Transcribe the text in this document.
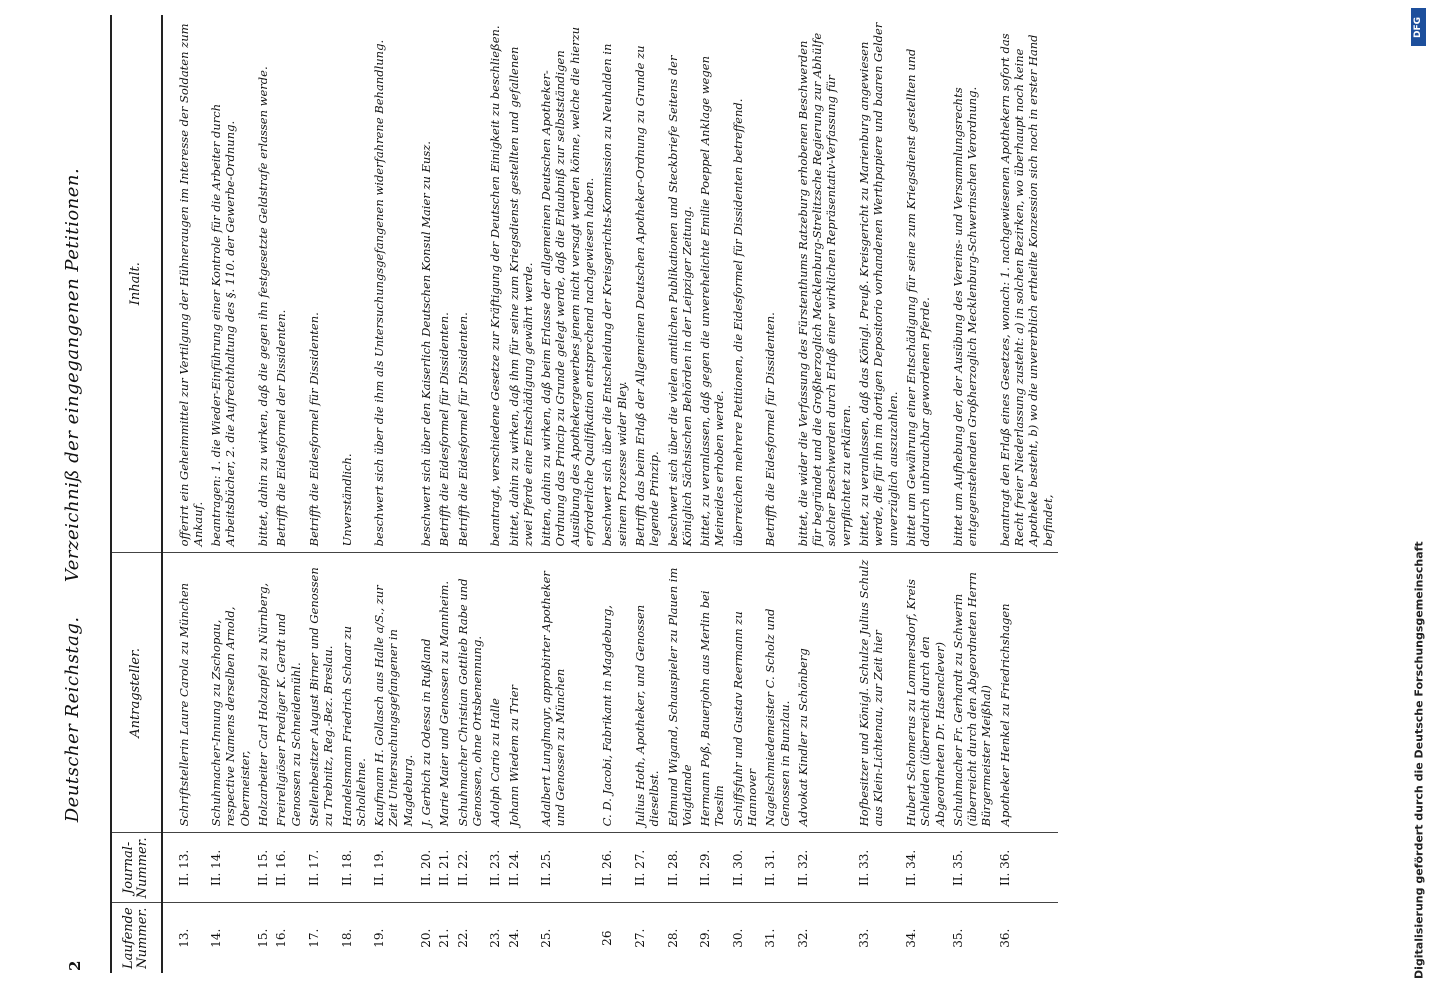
2
Deutscher Reichstag. Verzeichniß der eingegangenen Petitionen.
Laufende Nummer.	Journal-Nummer.	Antragsteller.	Inhalt.
13.	II. 13.	Schriftstellerin Laure Carola zu München	offerirt ein Geheimmittel zur Vertilgung der Hühneraugen im Interesse der Soldaten zum Ankauf.
14.	II. 14.	Schuhmacher-Innung zu Zschopau, respective Namens derselben Arnold, Obermeister,	beantragen: 1. die Wieder-Einführung einer Kontrole für die Arbeiter durch Arbeitsbücher, 2. die Aufrechthaltung des §. 110. der Gewerbe-Ordnung.
15.	II. 15.	Holzarbeiter Carl Holzapfel zu Nürnberg,	bittet, dahin zu wirken, daß die gegen ihn festgesetzte Geldstrafe erlassen werde.
16.	II. 16.	Freireligiöser Prediger K. Gerdt und Genossen zu Schneidemühl.	Betrifft die Eidesformel der Dissidenten.
17.	II. 17.	Stellenbesitzer August Birner und Genossen zu Trebnitz, Reg.-Bez. Breslau.	Betrifft die Eidesformel für Dissidenten.
18.	II. 18.	Handelsmann Friedrich Schaar zu Schollehne.	Unverständlich.
19.	II. 19.	Kaufmann H. Gollasch aus Halle a/S., zur Zeit Untersuchungsgefangener in Magdeburg.	beschwert sich über die ihm als Untersuchungsgefangenen widerfahrene Behandlung.
20.	II. 20.	J. Gerbich zu Odessa in Rußland	beschwert sich über den Kaiserlich Deutschen Konsul Maier zu Eusz.
21.	II. 21.	Marie Maier und Genossen zu Mannheim.	Betrifft die Eidesformel für Dissidenten.
22.	II. 22.	Schuhmacher Christian Gottlieb Rabe und Genossen, ohne Ortsbenennung.	Betrifft die Eidesformel für Dissidenten.
23.	II. 23.	Adolph Cario zu Halle	beantragt, verschiedene Gesetze zur Kräftigung der Deutschen Einigkeit zu beschließen.
24.	II. 24.	Johann Wiedem zu Trier	bittet, dahin zu wirken, daß ihm für seine zum Kriegsdienst gestellten und gefallenen zwei Pferde eine Entschädigung gewährt werde.
25.	II. 25.	Adalbert Lunglmayr, approbirter Apotheker und Genossen zu München	bitten, dahin zu wirken, daß beim Erlasse der allgemeinen Deutschen Apotheker-Ordnung das Princip zu Grunde gelegt werde, daß die Erlaubniß zur selbstständigen Ausübung des Apothekergewerbes jenem nicht versagt werden könne, welche die hierzu erforderliche Qualifikation entsprechend nachgewiesen haben.
26	II. 26.	C. D. Jacobi, Fabrikant in Magdeburg,	beschwert sich über die Entscheidung der Kreisgerichts-Kommission zu Neuhalden in seinem Prozesse wider Bley.
27.	II. 27.	Julius Hoth, Apotheker, und Genossen dieselbst.	Betrifft das beim Erlaß der Allgemeinen Deutschen Apotheker-Ordnung zu Grunde zu legende Prinzip.
28.	II. 28.	Edmund Wigand, Schauspieler zu Plauen im Voigtlande	beschwert sich über die vielen amtlichen Publikationen und Steckbriefe Seitens der Königlich Sächsischen Behörden in der Leipziger Zeitung.
29.	II. 29.	Hermann Poß, Bauerjohn aus Merlin bei Toeslin	bittet, zu veranlassen, daß gegen die unverehelichte Emilie Poeppel Anklage wegen Meineides erhoben werde.
30.	II. 30.	Schiffsfuhr und Gustav Reermann zu Hannover	überreichen mehrere Petitionen, die Eidesformel für Dissidenten betreffend.
31.	II. 31.	Nagelschmiedemeister C. Scholz und Genossen in Bunzlau.	Betrifft die Eidesformel für Dissidenten.
32.	II. 32.	Advokat Kindler zu Schönberg	bittet, die wider die Verfassung des Fürstenthums Ratzeburg erhobenen Beschwerden für begründet und die Großherzoglich Mecklenburg-Strelitzsche Regierung zur Abhülfe solcher Beschwerden durch Erlaß einer wirklichen Repräsentativ-Verfassung für verpflichtet zu erklären.
33.	II. 33.	Hofbesitzer und Königl. Schulze Julius Schulz aus Klein-Lichtenau, zur Zeit hier	bittet, zu veranlassen, daß das Königl. Preuß. Kreisgericht zu Marienburg angewiesen werde, die für ihn im dortigen Depositorio vorhandenen Werthpapiere und baaren Gelder unverzüglich auszuzahlen.
34.	II. 34.	Hubert Schomerus zu Lommersdorf, Kreis Schleiden (überreicht durch den Abgeordneten Dr. Hasenclever)	bittet um Gewährung einer Entschädigung für seine zum Kriegsdienst gestellten und dadurch unbrauchbar gewordenen Pferde.
35.	II. 35.	Schuhmacher Fr. Gerhardt zu Schwerin (überreicht durch den Abgeordneten Herrn Bürgermeister Meißhal)	bittet um Aufhebung der, der Ausübung des Vereins- und Versammlungsrechts entgegenstehenden Großherzoglich Mecklenburg-Schwerinschen Verordnung.
36.	II. 36.	Apotheker Henkel zu Friedrichshagen	beantragt den Erlaß eines Gesetzes, wonach: 1. nachgewiesenen Apothekern sofort das Recht freier Niederlassung zusteht: a) in solchen Bezirken, wo überhaupt noch keine Apotheke besteht, b) wo die unvererblich ertheilte Konzession sich noch in erster Hand befindet,
DFG
Digitalisierung gefördert durch die Deutsche Forschungsgemeinschaft
